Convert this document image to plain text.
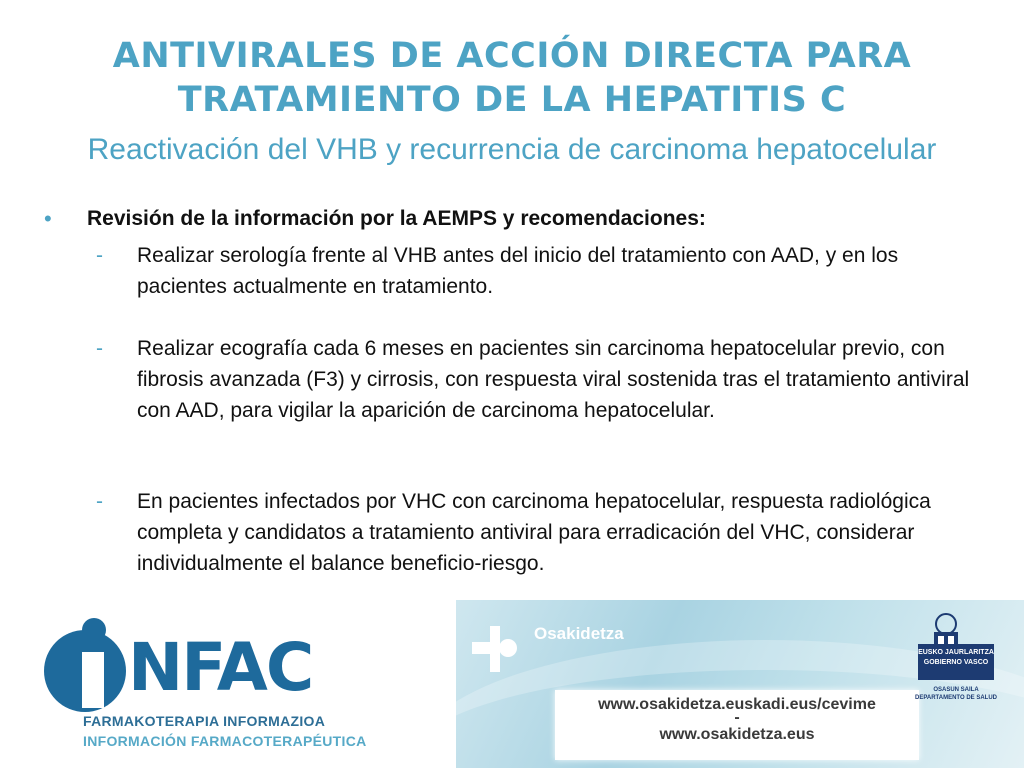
ANTIVIRALES DE ACCIÓN DIRECTA PARA
TRATAMIENTO DE LA HEPATITIS C
Reactivación del VHB y recurrencia de carcinoma hepatocelular
• Revisión de la información por la AEMPS y recomendaciones:
- Realizar serología frente al VHB antes del inicio del tratamiento con AAD, y en los pacientes actualmente en tratamiento.
- Realizar ecografía cada 6 meses en pacientes sin carcinoma hepatocelular previo, con fibrosis avanzada (F3) y cirrosis, con respuesta viral sostenida tras el tratamiento antiviral con AAD, para vigilar la aparición de carcinoma hepatocelular.
- En pacientes infectados por VHC con carcinoma hepatocelular, respuesta radiológica completa y candidatos a tratamiento antiviral para erradicación del VHC, considerar individualmente el balance beneficio-riesgo.
NFAC
FARMAKOTERAPIA INFORMAZIOA
INFORMACIÓN FARMACOTERAPÉUTICA
Osakidetza
www.osakidetza.euskadi.eus/cevime
-
www.osakidetza.eus
EUSKO JAURLARITZA
GOBIERNO VASCO
OSASUN SAILA
DEPARTAMENTO DE SALUD
